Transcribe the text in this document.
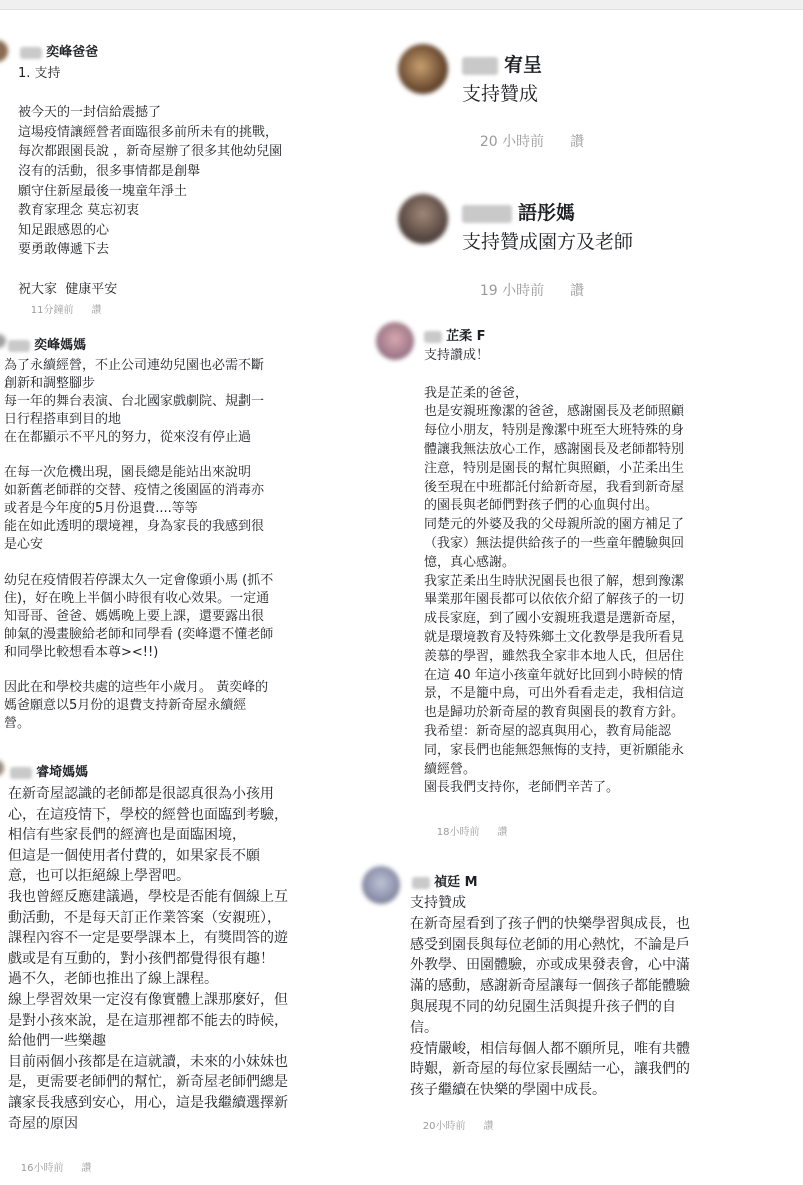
奕峰爸爸
1. 支持

被今天的一封信給震撼了
這場疫情讓經營者面臨很多前所未有的挑戰，
每次都跟園長說 ，新奇屋辦了很多其他幼兒園
沒有的活動，很多事情都是創舉
願守住新屋最後一塊童年淨土
教育家理念 莫忘初衷
知足跟感恩的心
要勇敢傳遞下去

祝大家  健康平安

11分鐘前 讚

奕峰媽媽
為了永續經營，不止公司連幼兒園也必需不斷
創新和調整腳步
每一年的舞台表演、台北國家戲劇院、規劃一
日行程搭車到目的地
在在都顯示不平凡的努力，從來沒有停止過

在每一次危機出現，園長總是能站出來說明
如新舊老師群的交替、疫情之後園區的消毒亦
或者是今年度的5月份退費....等等
能在如此透明的環境裡，身為家長的我感到很
是心安

幼兒在疫情假若停課太久一定會像頭小馬 (抓不
住)，好在晚上半個小時很有收心效果。一定通
知哥哥、爸爸、媽媽晚上要上課，還要露出很
帥氣的漫畫臉給老師和同學看 (奕峰還不懂老師
和同學比較想看本尊><!!)

因此在和學校共處的這些年小歲月。 黃奕峰的
媽爸願意以5月份的退費支持新奇屋永續經
營。
睿埼媽媽
在新奇屋認識的老師都是很認真很為小孩用
心，在這疫情下，學校的經營也面臨到考驗，
相信有些家長們的經濟也是面臨困境，
但這是一個使用者付費的，如果家長不願
意，也可以拒絕線上學習吧。
我也曾經反應建議過，學校是否能有個線上互
動活動，不是每天訂正作業答案（安親班），
課程內容不一定是要學課本上，有獎問答的遊
戲或是有互動的，對小孩們都覺得很有趣！
過不久，老師也推出了線上課程。
線上學習效果一定沒有像實體上課那麼好，但
是對小孩來說，是在這那裡都不能去的時候，
給他們一些樂趣
目前兩個小孩都是在這就讀，未來的小妹妹也
是，更需要老師們的幫忙，新奇屋老師們總是
讓家長我感到安心，用心，這是我繼續選擇新
奇屋的原因

16小時前 讚

宥呈
支持贊成

20 小時前 讚

語彤媽
支持贊成園方及老師

19 小時前 讚

芷柔 F
支持讚成！

我是芷柔的爸爸，
也是安親班豫潔的爸爸，感謝園長及老師照顧
每位小朋友，特別是豫潔中班至大班特殊的身
體讓我無法放心工作，感謝園長及老師都特別
注意，特別是園長的幫忙與照顧，小芷柔出生
後至現在中班都託付給新奇屋，我看到新奇屋
的園長與老師們對孩子們的心血與付出。
同楚元的外婆及我的父母親所說的園方補足了
（我家）無法提供給孩子的一些童年體驗與回
憶，真心感謝。
我家芷柔出生時狀況園長也很了解，想到豫潔
畢業那年園長都可以依依介紹了解孩子的一切
成長家庭，到了國小安親班我還是選新奇屋，
就是環境教育及特殊鄉土文化教學是我所看見
羨慕的學習，雖然我全家非本地人氏，但居住
在這 40 年這小孩童年就好比回到小時候的情
景，不是籠中鳥，可出外看看走走，我相信這
也是歸功於新奇屋的教育與園長的教育方針。
我希望：新奇屋的認真與用心，教育局能認
同，家長們也能無怨無悔的支持，更祈願能永
續經營。
園長我們支持你，老師們辛苦了。

18小時前 讚

禎廷 M
支持贊成
在新奇屋看到了孩子們的快樂學習與成長，也
感受到園長與每位老師的用心熱忱，不論是戶
外教學、田園體驗，亦或成果發表會，心中滿
滿的感動，感謝新奇屋讓每一個孩子都能體驗
與展現不同的幼兒園生活與提升孩子們的自
信。
疫情嚴峻，相信每個人都不願所見，唯有共體
時艱，新奇屋的每位家長團結一心，讓我們的
孩子繼續在快樂的學園中成長。

20小時前 讚
